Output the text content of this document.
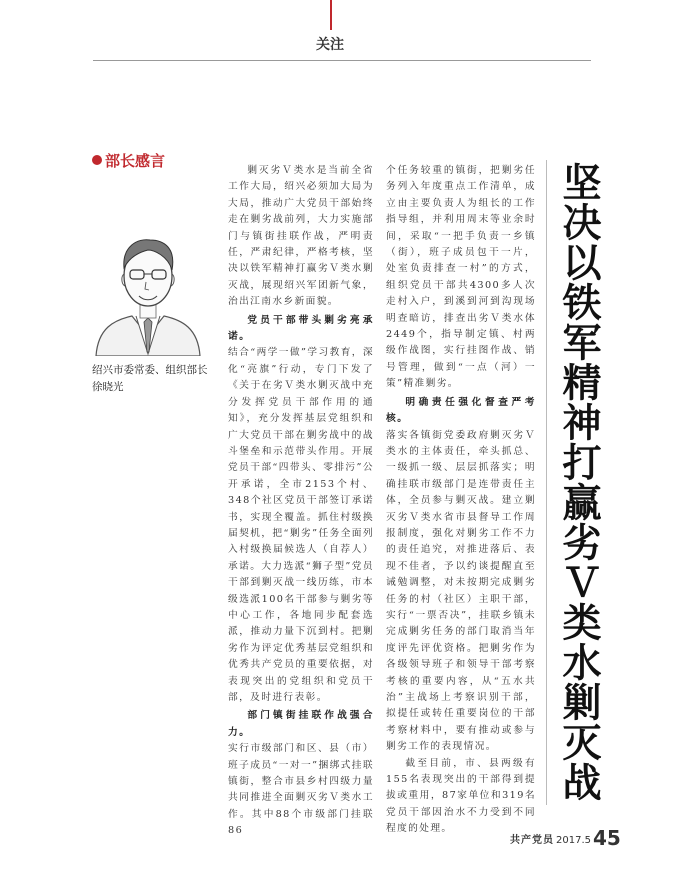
关注
部长感言
绍兴市委常委、组织部长
徐晓光

剿灭劣Ｖ类水是当前全省工作大局，绍兴必须加大局为大局，推动广大党员干部始终走在剿劣战前列，大力实施部门与镇街挂联作战，严明责任，严肃纪律，严格考核，坚决以铁军精神打赢劣Ｖ类水剿灭战，展现绍兴军团新气象，治出江南水乡新面貌。

党员干部带头剿劣亮承诺。

结合“两学一做”学习教育，深化“亮旗”行动，专门下发了《关于在劣Ｖ类水剿灭战中充分发挥党员干部作用的通知》，充分发挥基层党组织和广大党员干部在剿劣战中的战斗堡垒和示范带头作用。开展党员干部“四带头、零排污”公开承诺，全市2153个村、348个社区党员干部签订承诺书，实现全覆盖。抓住村级换届契机，把“剿劣”任务全面列入村级换届候选人（自荐人）承诺。大力选派“狮子型”党员干部到剿灭战一线历练，市本级选派100名干部参与剿劣等中心工作，各地同步配套选派，推动力量下沉到村。把剿劣作为评定优秀基层党组织和优秀共产党员的重要依据，对表现突出的党组织和党员干部，及时进行表彰。

部门镇街挂联作战强合力。

实行市级部门和区、县（市）班子成员“一对一”捆绑式挂联镇街，整合市县乡村四级力量共同推进全面剿灭劣Ｖ类水工作。其中88个市级部门挂联86

个任务较重的镇街，把剿劣任务列入年度重点工作清单，成立由主要负责人为组长的工作指导组，并利用周末等业余时间，采取“一把手负责一乡镇（街），班子成员包干一片，处室负责排查一村”的方式，组织党员干部共4300多人次走村入户，到溪到河到沟现场明查暗访，排查出劣Ｖ类水体2449个，指导制定镇、村两级作战图，实行挂图作战、销号管理，做到“一点（河）一策”精准剿劣。

明确责任强化督查严考核。

落实各镇街党委政府剿灭劣Ｖ类水的主体责任，牵头抓总、一级抓一级、层层抓落实；明确挂联市级部门是连带责任主体，全员参与剿灭战。建立剿灭劣Ｖ类水省市县督导工作周报制度，强化对剿劣工作不力的责任追究，对推进落后、表现不佳者，予以约谈提醒直至诫勉调整，对未按期完成剿劣任务的村（社区）主职干部，实行“一票否决”，挂联乡镇未完成剿劣任务的部门取消当年度评先评优资格。把剿劣作为各级领导班子和领导干部考察考核的重要内容，从“五水共治”主战场上考察识别干部，拟提任或转任重要岗位的干部考察材料中，要有推动或参与剿劣工作的表现情况。

截至目前，市、县两级有155名表现突出的干部得到提拔或重用，87家单位和319名党员干部因治水不力受到不同程度的处理。

坚决以铁军精神打赢劣Ｖ类水剿灭战
共产党员 2017.5 45
